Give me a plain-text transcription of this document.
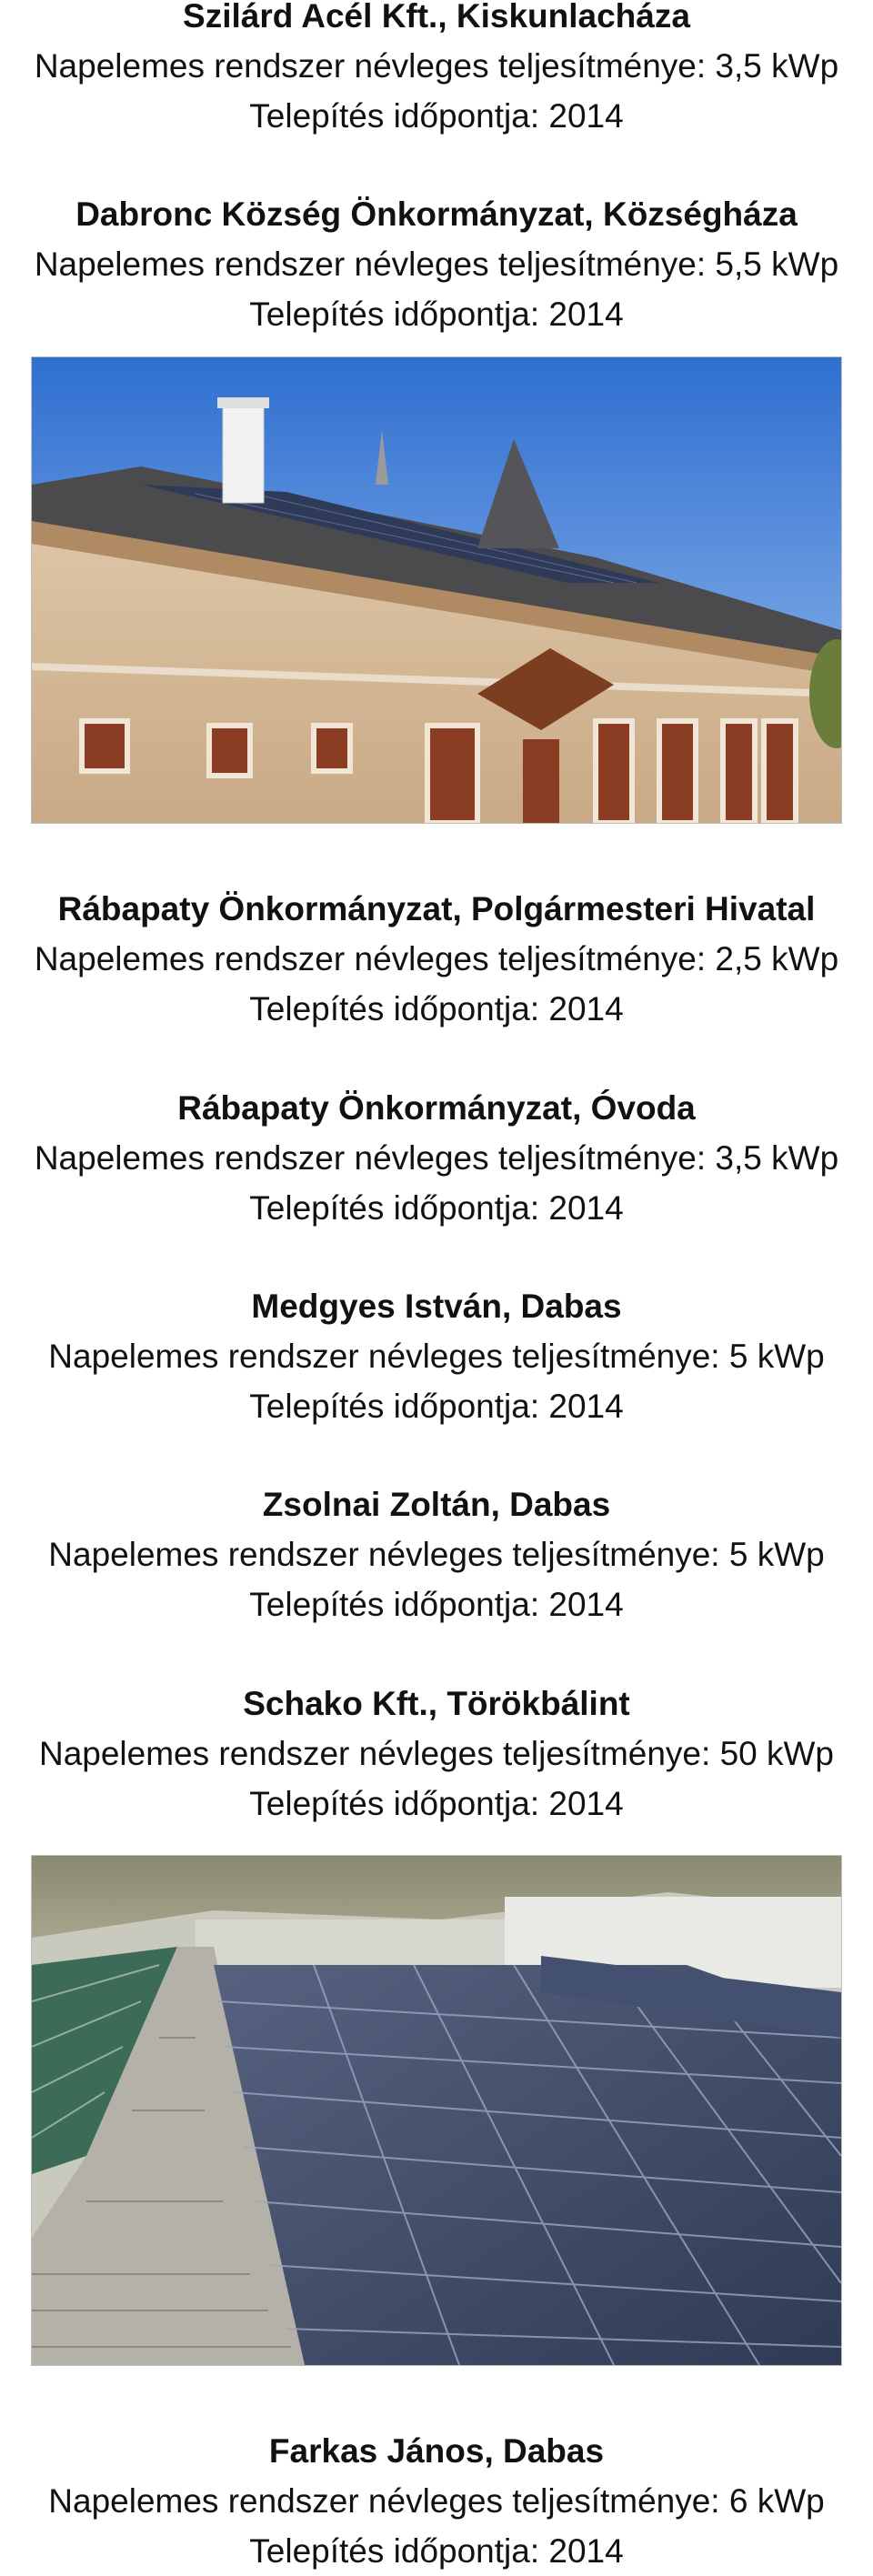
Szilárd Acél Kft., Kiskunlacháza
Napelemes rendszer névleges teljesítménye: 3,5 kWp
Telepítés időpontja: 2014
Dabronc Község Önkormányzat, Községháza
Napelemes rendszer névleges teljesítménye: 5,5 kWp
Telepítés időpontja: 2014
Rábapaty Önkormányzat, Polgármesteri Hivatal
Napelemes rendszer névleges teljesítménye: 2,5 kWp
Telepítés időpontja: 2014
Rábapaty Önkormányzat, Óvoda
Napelemes rendszer névleges teljesítménye: 3,5 kWp
Telepítés időpontja: 2014
Medgyes István, Dabas
Napelemes rendszer névleges teljesítménye: 5 kWp
Telepítés időpontja: 2014
Zsolnai Zoltán, Dabas
Napelemes rendszer névleges teljesítménye: 5 kWp
Telepítés időpontja: 2014
Schako Kft., Törökbálint
Napelemes rendszer névleges teljesítménye: 50 kWp
Telepítés időpontja: 2014
Farkas János, Dabas
Napelemes rendszer névleges teljesítménye: 6 kWp
Telepítés időpontja: 2014
